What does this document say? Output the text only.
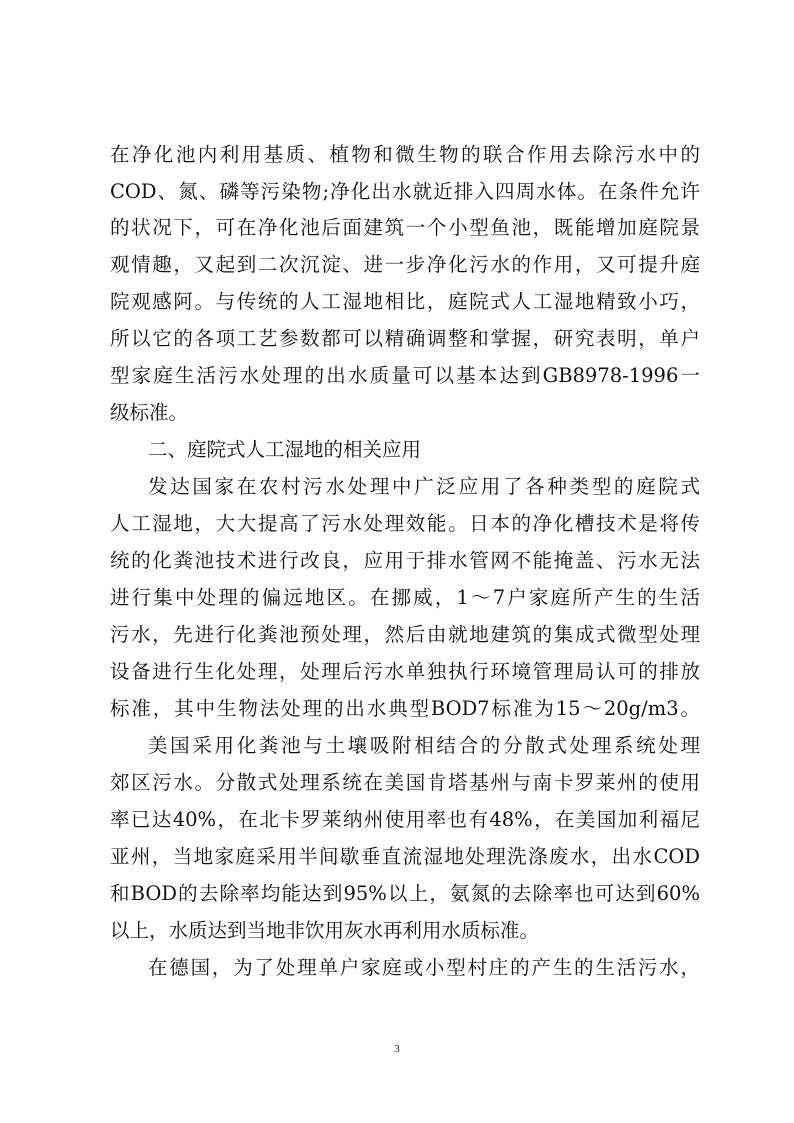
在净化池内利用基质、植物和微生物的联合作用去除污水中的

COD、氮、磷等污染物;净化出水就近排入四周水体。在条件允许

的状况下，可在净化池后面建筑一个小型鱼池，既能增加庭院景

观情趣，又起到二次沉淀、进一步净化污水的作用，又可提升庭

院观感阿。与传统的人工湿地相比，庭院式人工湿地精致小巧，

所以它的各项工艺参数都可以精确调整和掌握，研究表明，单户

型家庭生活污水处理的出水质量可以基本达到GB8978-1996一

级标准。

二、庭院式人工湿地的相关应用

发达国家在农村污水处理中广泛应用了各种类型的庭院式

人工湿地，大大提高了污水处理效能。日本的净化槽技术是将传

统的化粪池技术进行改良，应用于排水管网不能掩盖、污水无法

进行集中处理的偏远地区。在挪威，1～7户家庭所产生的生活

污水，先进行化粪池预处理，然后由就地建筑的集成式微型处理

设备进行生化处理，处理后污水单独执行环境管理局认可的排放

标准，其中生物法处理的出水典型BOD7标准为15～20g/m3。

美国采用化粪池与土壤吸附相结合的分散式处理系统处理

郊区污水。分散式处理系统在美国肯塔基州与南卡罗莱州的使用

率已达40%，在北卡罗莱纳州使用率也有48%，在美国加利福尼

亚州，当地家庭采用半间歇垂直流湿地处理洗涤废水，出水COD

和BOD的去除率均能达到95%以上，氨氮的去除率也可达到60%

以上，水质达到当地非饮用灰水再利用水质标准。

在德国，为了处理单户家庭或小型村庄的产生的生活污水，

3
